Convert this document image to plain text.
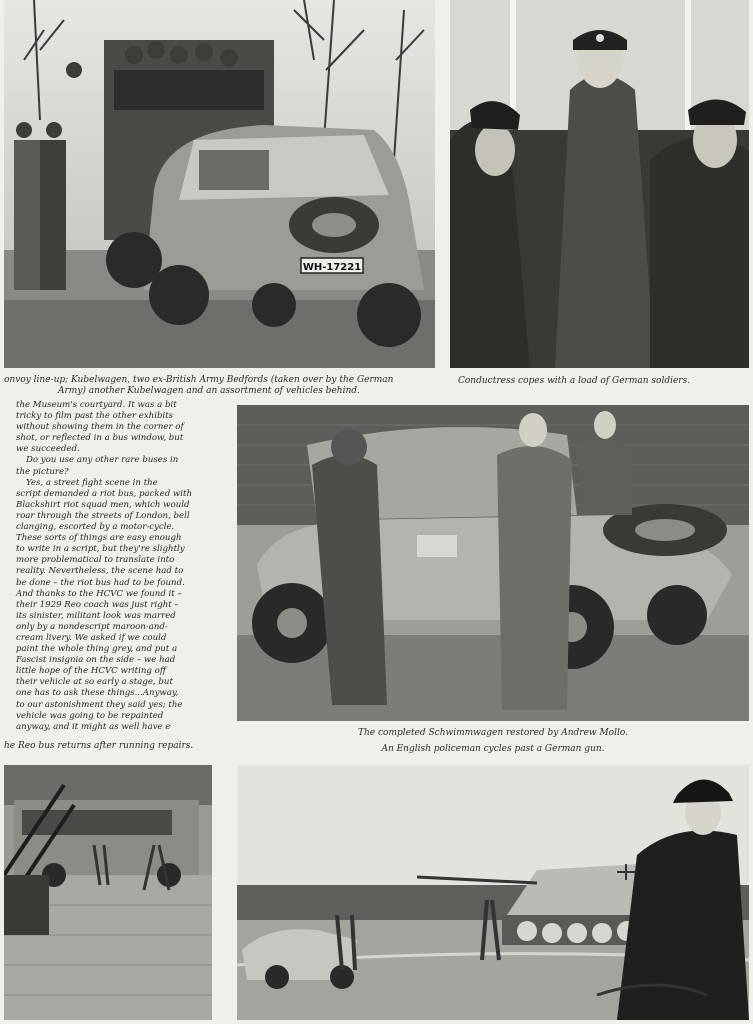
WH-17221
onvoy line-up; Kubelwagen, two ex-British Army Bedfords (taken over by the German
Army) another Kubelwagen and an assortment of vehicles behind.
Conductress copes with a load of German soldiers.

the Museum's courtyard. It was a bit

tricky to film past the other exhibits

without showing them in the corner of

shot, or reflected in a bus window, but

we succeeded.

Do you use any other rare buses in

the picture?

Yes, a street fight scene in the

script demanded a riot bus, packed with

Blackshirt riot squad men, which would

roar through the streets of London, bell

clanging, escorted by a motor-cycle.

These sorts of things are easy enough

to write in a script, but they're slightly

more problematical to translate into

reality. Nevertheless, the scene had to

be done – the riot bus had to be found.

And thanks to the HCVC we found it –

their 1929 Reo coach was just right –

its sinister, militant look was marred

only by a nondescript maroon-and-

cream livery. We asked if we could

paint the whole thing grey, and put a

Fascist insignia on the side – we had

little hope of the HCVC writing off

their vehicle at so early a stage, but

one has to ask these things...Anyway,

to our astonishment they said yes; the

vehicle was going to be repainted

anyway, and it might as well have e

The completed Schwimmwagen restored by Andrew Mollo.
An English policeman cycles past a German gun.
he Reo bus returns after running repairs.
